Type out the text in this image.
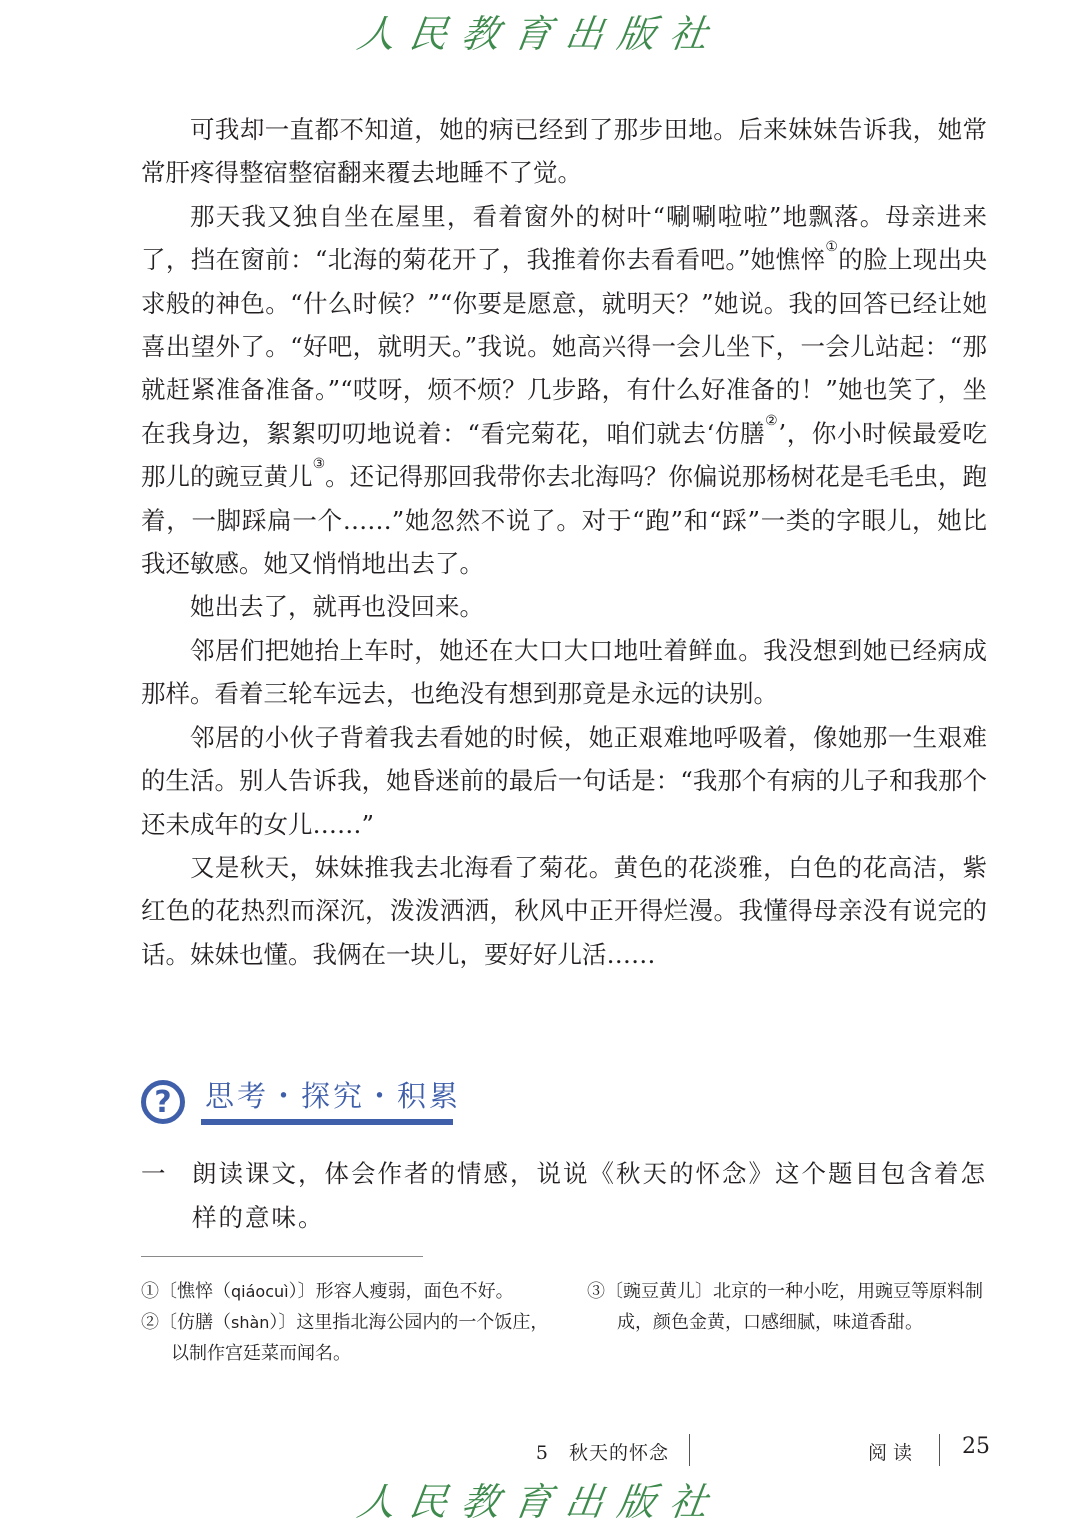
人民教育出版社

可我却一直都不知道，她的病已经到了那步田地。后来妹妹告诉我，她常常肝疼得整宿整宿翻来覆去地睡不了觉。

那天我又独自坐在屋里，看着窗外的树叶“唰唰啦啦”地飘落。母亲进来了，挡在窗前：“北海的菊花开了，我推着你去看看吧。”她憔悴①的脸上现出央求般的神色。“什么时候？”“你要是愿意，就明天？”她说。我的回答已经让她喜出望外了。“好吧，就明天。”我说。她高兴得一会儿坐下，一会儿站起：“那就赶紧准备准备。”“哎呀，烦不烦？几步路，有什么好准备的！”她也笑了，坐在我身边，絮絮叨叨地说着：“看完菊花，咱们就去‘仿膳②’，你小时候最爱吃那儿的豌豆黄儿③。还记得那回我带你去北海吗？你偏说那杨树花是毛毛虫，跑着，一脚踩扁一个……”她忽然不说了。对于“跑”和“踩”一类的字眼儿，她比我还敏感。她又悄悄地出去了。

她出去了，就再也没回来。

邻居们把她抬上车时，她还在大口大口地吐着鲜血。我没想到她已经病成那样。看着三轮车远去，也绝没有想到那竟是永远的诀别。

邻居的小伙子背着我去看她的时候，她正艰难地呼吸着，像她那一生艰难的生活。别人告诉我，她昏迷前的最后一句话是：“我那个有病的儿子和我那个还未成年的女儿……”

又是秋天，妹妹推我去北海看了菊花。黄色的花淡雅，白色的花高洁，紫红色的花热烈而深沉，泼泼洒洒，秋风中正开得烂漫。我懂得母亲没有说完的话。妹妹也懂。我俩在一块儿，要好好儿活……

?	思考・探究・积累
一 朗读课文，体会作者的情感，说说《秋天的怀念》这个题目包含着怎样的意味。

①〔憔悴（qiáocuì）〕形容人瘦弱，面色不好。

②〔仿膳（shàn）〕这里指北海公园内的一个饭庄，以制作宫廷菜而闻名。

③〔豌豆黄儿〕北京的一种小吃，用豌豆等原料制成，颜色金黄，口感细腻，味道香甜。

5　秋天的怀念	阅读 25
人民教育出版社
